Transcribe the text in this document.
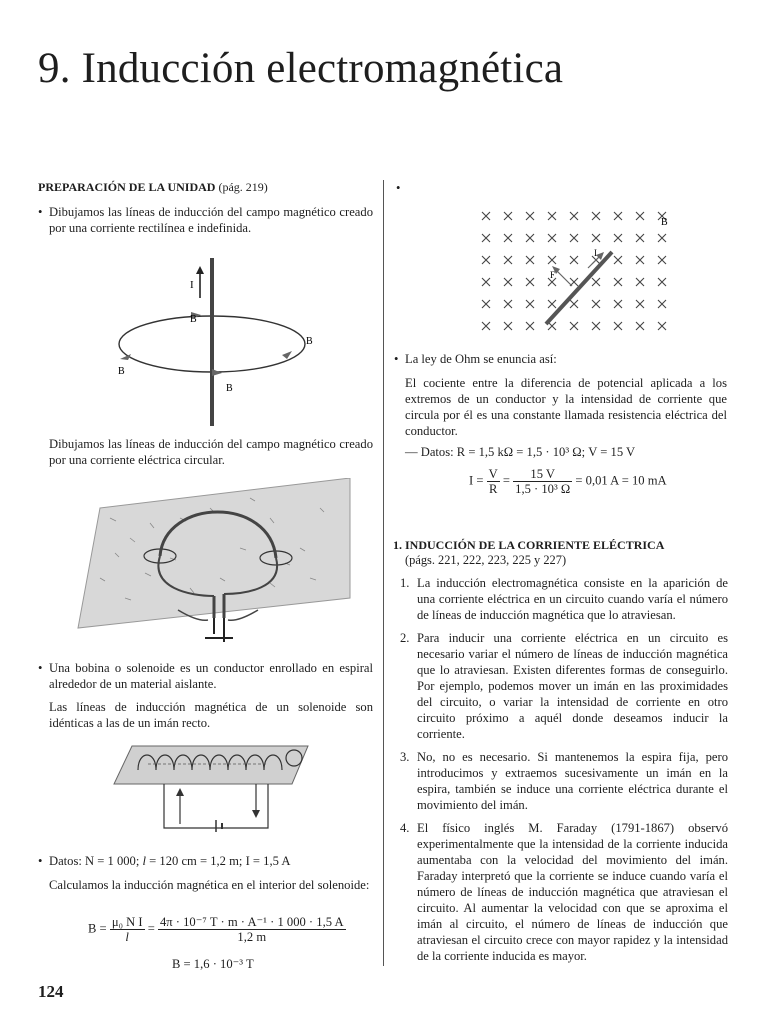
9. Inducción electromagnética
PREPARACIÓN DE LA UNIDAD (pág. 219)
• Dibujamos las líneas de inducción del campo magnético creado por una corriente rectilínea e indefinida.
I
B
B
B
B
Dibujamos las líneas de inducción del campo magnético creado por una corriente eléctrica circular.
• Una bobina o solenoide es un conductor enrollado en espiral alrededor de un material aislante.
Las líneas de inducción magnética de un solenoide son idénticas a las de un imán recto.
• Datos: N = 1 000; l = 120 cm = 1,2 m; I = 1,5 A
Calculamos la inducción magnética en el interior del solenoide:
$B = \frac{\text{μ₀ N I}}{l} = \frac{\text{4π · 10⁻⁷ T · m · A⁻¹ · 1 000 · 1,5 A}}{1,2 m}$
B = 1,6 · 10⁻³ T
124
•
B
I
F
• La ley de Ohm se enuncia así:
El cociente entre la diferencia de potencial aplicada a los extremos de un conductor y la intensidad de corriente que circula por él es una constante llamada resistencia eléctrica del conductor.
— Datos: R = 1,5 kΩ = 1,5 · 10³ Ω; V = 15 V
$I = \frac{V}{R} = \frac{15 V}{\text{1,5 · 10³ Ω}} = 0,01$ A = 10 mA
1. INDUCCIÓN DE LA CORRIENTE ELÉCTRICA
(págs. 221, 222, 223, 225 y 227)
1. La inducción electromagnética consiste en la aparición de una corriente eléctrica en un circuito cuando varía el número de líneas de inducción magnética que lo atraviesan.
2. Para inducir una corriente eléctrica en un circuito es necesario variar el número de líneas de inducción magnética que lo atraviesan. Existen diferentes formas de conseguirlo. Por ejemplo, podemos mover un imán en las proximidades del circuito, o variar la intensidad de corriente en otro circuito próximo a aquél donde deseamos inducir la corriente.
3. No, no es necesario. Si mantenemos la espira fija, pero introducimos y extraemos sucesivamente un imán en la espira, también se induce una corriente eléctrica durante el movimiento del imán.
4. El físico inglés M. Faraday (1791-1867) observó experimentalmente que la intensidad de la corriente inducida aumentaba con la velocidad del movimiento del imán. Faraday interpretó que la corriente se induce cuando varía el número de líneas de inducción magnética que atraviesan el circuito. Al aumentar la velocidad con que se aproxima el imán al circuito, el número de líneas de inducción que atraviesan el circuito crece con mayor rapidez y la intensidad de la corriente inducida es mayor.
